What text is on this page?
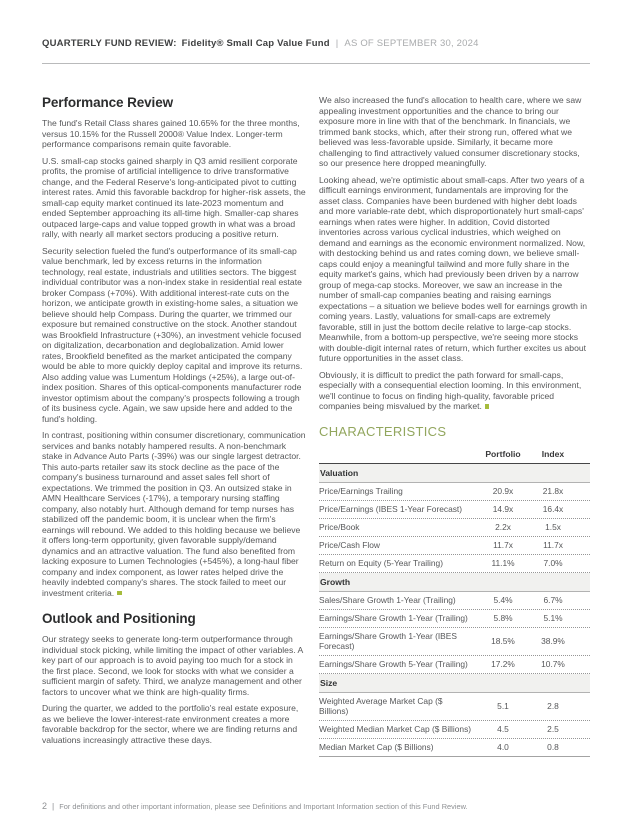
QUARTERLY FUND REVIEW: Fidelity® Small Cap Value Fund | AS OF SEPTEMBER 30, 2024
Performance Review

The fund's Retail Class shares gained 10.65% for the three months, versus 10.15% for the Russell 2000® Value Index. Longer-term performance comparisons remain quite favorable.

U.S. small-cap stocks gained sharply in Q3 amid resilient corporate profits, the promise of artificial intelligence to drive transformative change, and the Federal Reserve's long-anticipated pivot to cutting interest rates. Amid this favorable backdrop for higher-risk assets, the small-cap equity market continued its late-2023 momentum and ended September approaching its all-time high. Smaller-cap shares outpaced large-caps and value topped growth in what was a broad rally, with nearly all market sectors producing a positive return.

Security selection fueled the fund's outperformance of its small-cap value benchmark, led by excess returns in the information technology, real estate, industrials and utilities sectors. The biggest individual contributor was a non-index stake in residential real estate broker Compass (+70%). With additional interest-rate cuts on the horizon, we anticipate growth in existing-home sales, a situation we believe should help Compass. During the quarter, we trimmed our exposure but remained constructive on the stock. Another standout was Brookfield Infrastructure (+30%), an investment vehicle focused on digitalization, decarbonation and deglobalization. Amid lower rates, Brookfield benefited as the market anticipated the company would be able to more quickly deploy capital and improve its returns. Also adding value was Lumentum Holdings (+25%), a large out-of-index position. Shares of this optical-components manufacturer rode investor optimism about the company's prospects following a trough of its business cycle. Again, we saw upside here and added to the fund's holding.

In contrast, positioning within consumer discretionary, communication services and banks notably hampered results. A non-benchmark stake in Advance Auto Parts (-39%) was our single largest detractor. This auto-parts retailer saw its stock decline as the pace of the company's business turnaround and asset sales fell short of expectations. We trimmed the position in Q3. An outsized stake in AMN Healthcare Services (-17%), a temporary nursing staffing company, also notably hurt. Although demand for temp nurses has stabilized off the pandemic boom, it is unclear when the firm's earnings will rebound. We added to this holding because we believe it offers long-term opportunity, given favorable supply/demand dynamics and an attractive valuation. The fund also benefited from lacking exposure to Lumen Technologies (+545%), a long-haul fiber company and index component, as lower rates helped drive the heavily indebted company's shares. The stock failed to meet our investment criteria.

Outlook and Positioning

Our strategy seeks to generate long-term outperformance through individual stock picking, while limiting the impact of other variables. A key part of our approach is to avoid paying too much for a stock in the first place. Second, we look for stocks with what we consider a sufficient margin of safety. Third, we analyze management and other factors to uncover what we think are high-quality firms.

During the quarter, we added to the portfolio's real estate exposure, as we believe the lower-interest-rate environment creates a more favorable backdrop for the sector, where we are finding returns and valuations increasingly attractive these days.

We also increased the fund's allocation to health care, where we saw appealing investment opportunities and the chance to bring our exposure more in line with that of the benchmark. In financials, we trimmed bank stocks, which, after their strong run, offered what we believed was less-favorable upside. Similarly, it became more challenging to find attractively valued consumer discretionary stocks, so our presence here dropped meaningfully.

Looking ahead, we're optimistic about small-caps. After two years of a difficult earnings environment, fundamentals are improving for the asset class. Companies have been burdened with higher debt loads and more variable-rate debt, which disproportionately hurt small-caps' earnings when rates were higher. In addition, Covid distorted inventories across various cyclical industries, which weighed on demand and earnings as the economic environment normalized. Now, with destocking behind us and rates coming down, we believe small-caps could enjoy a meaningful tailwind and more fully share in the equity market's gains, which had previously been driven by a narrow group of mega-cap stocks. Moreover, we saw an increase in the number of small-cap companies beating and raising earnings expectations – a situation we believe bodes well for earnings growth in coming years. Lastly, valuations for small-caps are extremely favorable, still in just the bottom decile relative to large-cap stocks. Meanwhile, from a bottom-up perspective, we're seeing more stocks with double-digit internal rates of return, which further excites us about future opportunities in the asset class.

Obviously, it is difficult to predict the path forward for small-caps, especially with a consequential election looming. In this environment, we'll continue to focus on finding high-quality, favorable priced companies being misvalued by the market.

CHARACTERISTICS
Portfolio	Index
Valuation
Price/Earnings Trailing	20.9x	21.8x
Price/Earnings (IBES 1-Year Forecast)	14.9x	16.4x
Price/Book	2.2x	1.5x
Price/Cash Flow	11.7x	11.7x
Return on Equity (5-Year Trailing)	11.1%	7.0%
Growth
Sales/Share Growth 1-Year (Trailing)	5.4%	6.7%
Earnings/Share Growth 1-Year (Trailing)	5.8%	5.1%
Earnings/Share Growth 1-Year (IBES Forecast)	18.5%	38.9%
Earnings/Share Growth 5-Year (Trailing)	17.2%	10.7%
Size
Weighted Average Market Cap ($ Billions)	5.1	2.8
Weighted Median Market Cap ($ Billions)	4.5	2.5
Median Market Cap ($ Billions)	4.0	0.8
2 | For definitions and other important information, please see Definitions and Important Information section of this Fund Review.
